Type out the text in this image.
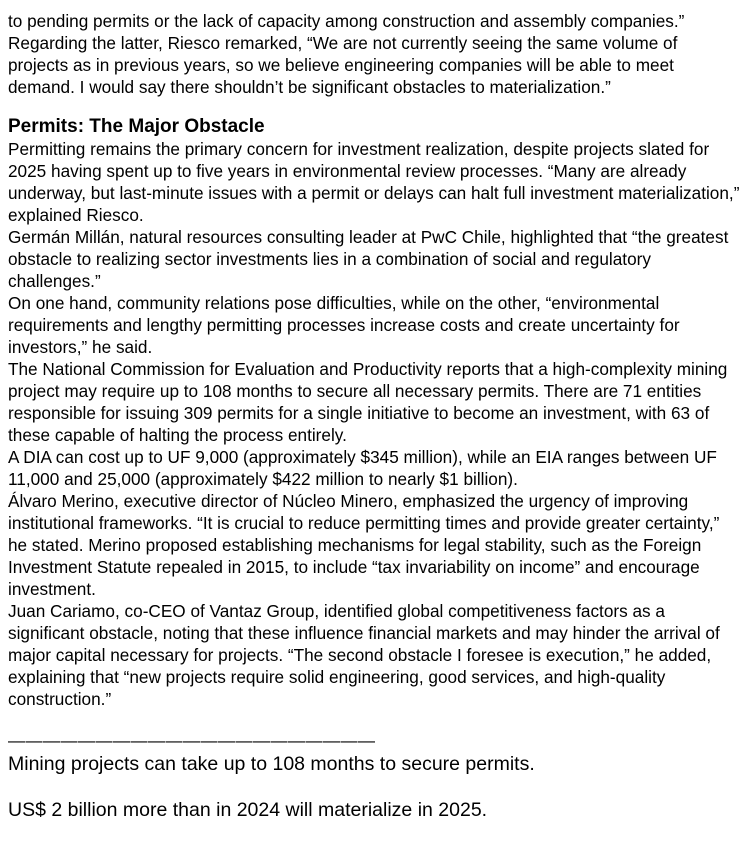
to pending permits or the lack of capacity among construction and assembly companies.”

Regarding the latter, Riesco remarked, “We are not currently seeing the same volume of projects as in previous years, so we believe engineering companies will be able to meet demand. I would say there shouldn’t be significant obstacles to materialization.”

Permits: The Major Obstacle

Permitting remains the primary concern for investment realization, despite projects slated for 2025 having spent up to five years in environmental review processes. “Many are already underway, but last-minute issues with a permit or delays can halt full investment materialization,” explained Riesco.

Germán Millán, natural resources consulting leader at PwC Chile, highlighted that “the greatest obstacle to realizing sector investments lies in a combination of social and regulatory challenges.”

On one hand, community relations pose difficulties, while on the other, “environmental requirements and lengthy permitting processes increase costs and create uncertainty for investors,” he said.

The National Commission for Evaluation and Productivity reports that a high-complexity mining project may require up to 108 months to secure all necessary permits. There are 71 entities responsible for issuing 309 permits for a single initiative to become an investment, with 63 of these capable of halting the process entirely.

A DIA can cost up to UF 9,000 (approximately $345 million), while an EIA ranges between UF 11,000 and 25,000 (approximately $422 million to nearly $1 billion).

Álvaro Merino, executive director of Núcleo Minero, emphasized the urgency of improving institutional frameworks. “It is crucial to reduce permitting times and provide greater certainty,” he stated. Merino proposed establishing mechanisms for legal stability, such as the Foreign Investment Statute repealed in 2015, to include “tax invariability on income” and encourage investment.

Juan Cariamo, co-CEO of Vantaz Group, identified global competitiveness factors as a significant obstacle, noting that these influence financial markets and may hinder the arrival of major capital necessary for projects. “The second obstacle I foresee is execution,” he added, explaining that “new projects require solid engineering, good services, and high-quality construction.”

—————————————————————

Mining projects can take up to 108 months to secure permits.

US$ 2 billion more than in 2024 will materialize in 2025.
